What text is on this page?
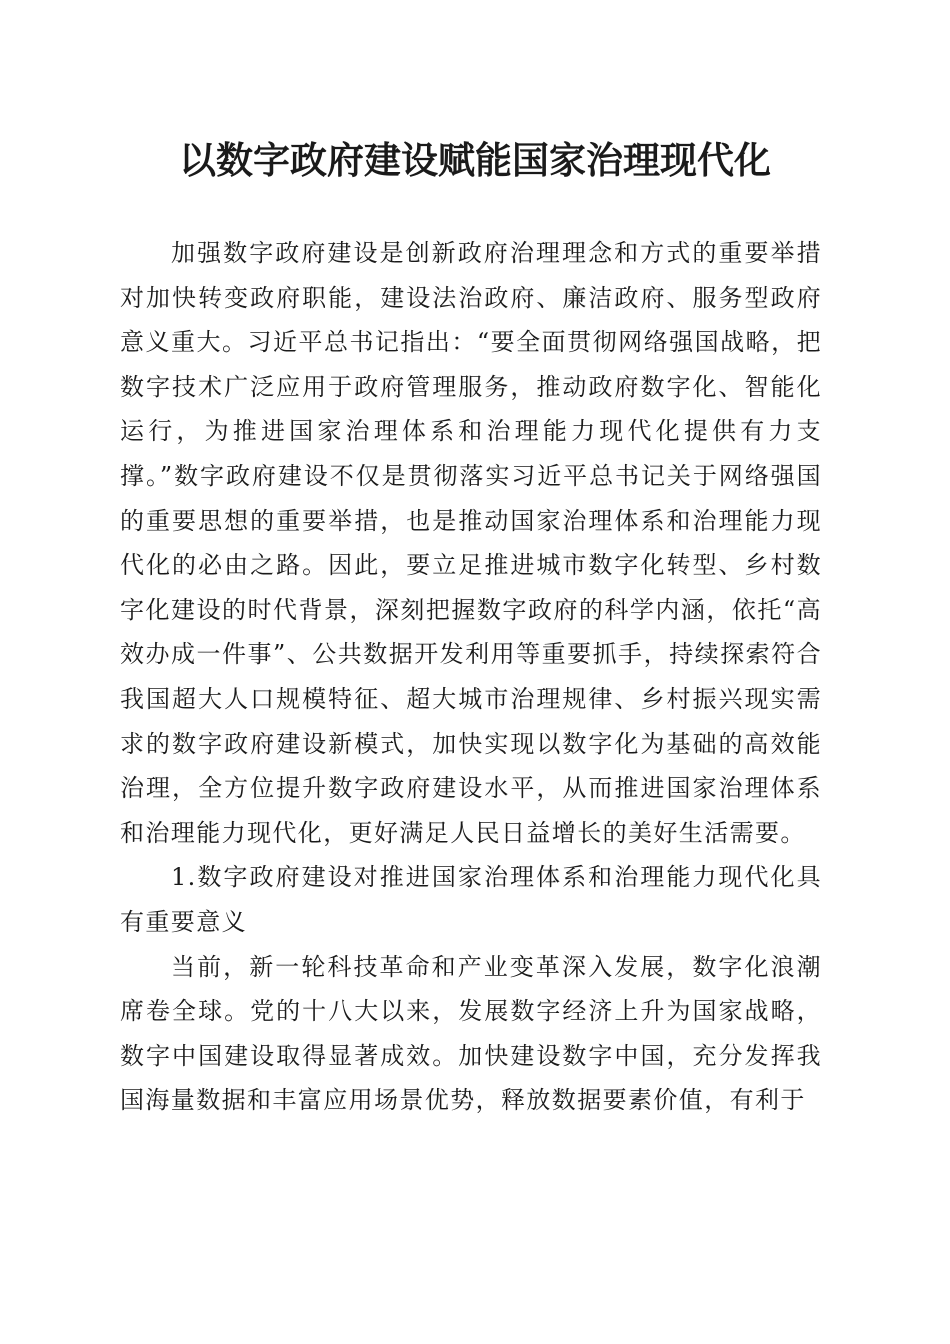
以数字政府建设赋能国家治理现代化

加强数字政府建设是创新政府治理理念和方式的重要举措对加快转变政府职能，建设法治政府、廉洁政府、服务型政府意义重大。习近平总书记指出：“要全面贯彻网络强国战略，把数字技术广泛应用于政府管理服务，推动政府数字化、智能化运行，为推进国家治理体系和治理能力现代化提供有力支撑。”数字政府建设不仅是贯彻落实习近平总书记关于网络强国的重要思想的重要举措，也是推动国家治理体系和治理能力现代化的必由之路。因此，要立足推进城市数字化转型、乡村数字化建设的时代背景，深刻把握数字政府的科学内涵，依托“高效办成一件事”、公共数据开发利用等重要抓手，持续探索符合我国超大人口规模特征、超大城市治理规律、乡村振兴现实需求的数字政府建设新模式，加快实现以数字化为基础的高效能治理，全方位提升数字政府建设水平，从而推进国家治理体系和治理能力现代化，更好满足人民日益增长的美好生活需要。

1.数字政府建设对推进国家治理体系和治理能力现代化具有重要意义

当前，新一轮科技革命和产业变革深入发展，数字化浪潮席卷全球。党的十八大以来，发展数字经济上升为国家战略，数字中国建设取得显著成效。加快建设数字中国，充分发挥我国海量数据和丰富应用场景优势，释放数据要素价值，有利于
